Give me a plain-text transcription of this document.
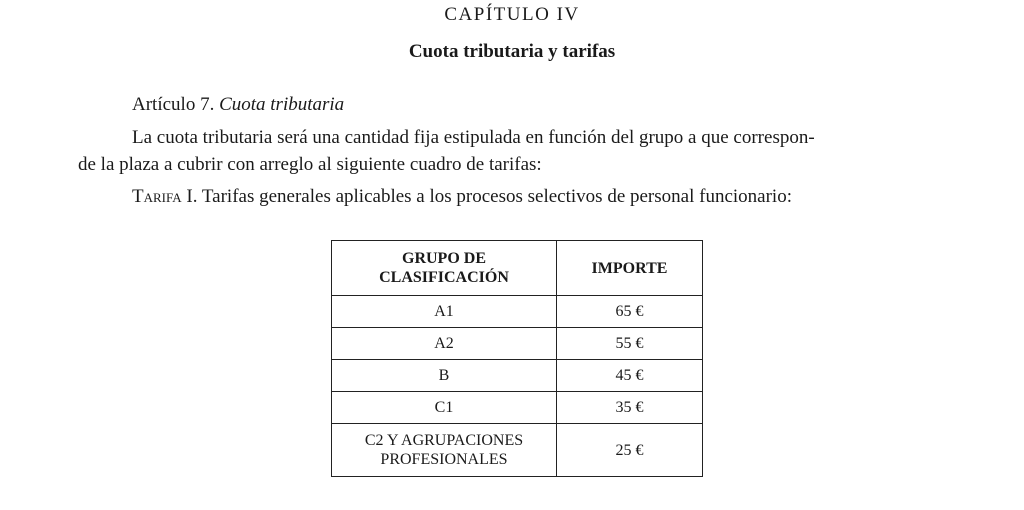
CAPÍTULO IV
Cuota tributaria y tarifas
Artículo 7. Cuota tributaria
La cuota tributaria será una cantidad fija estipulada en función del grupo a que correspon-
de la plaza a cubrir con arreglo al siguiente cuadro de tarifas:
Tarifa I. Tarifas generales aplicables a los procesos selectivos de personal funcionario:
GRUPO DE
CLASIFICACIÓN	IMPORTE
A1	65 €
A2	55 €
B	45 €
C1	35 €

C2 Y AGRUPACIONES
PROFESIONALES	25 €
